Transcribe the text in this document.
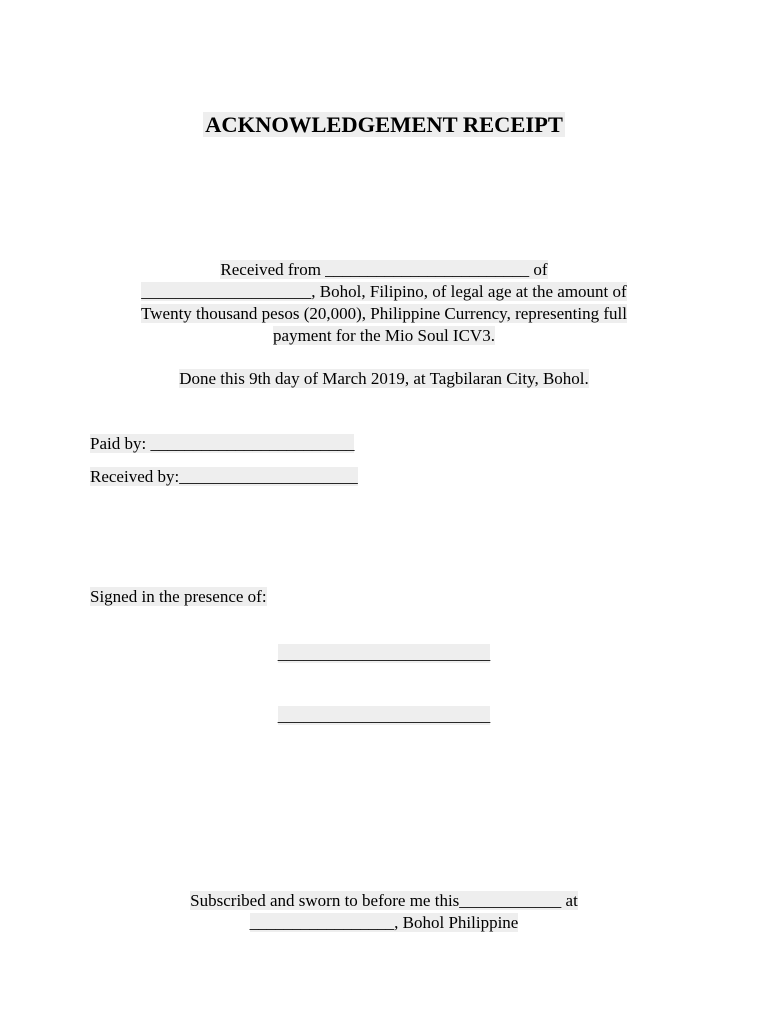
ACKNOWLEDGEMENT RECEIPT
Received from ________________________ of
____________________, Bohol, Filipino, of legal age at the amount of
Twenty thousand pesos (20,000), Philippine Currency, representing full
payment for the Mio Soul ICV3.
Done this 9th day of March 2019, at Tagbilaran City, Bohol.
Paid by: ________________________
Received by:_____________________
Signed in the presence of:
_________________________
_________________________
Subscribed and sworn to before me this____________ at
_________________, Bohol Philippine
